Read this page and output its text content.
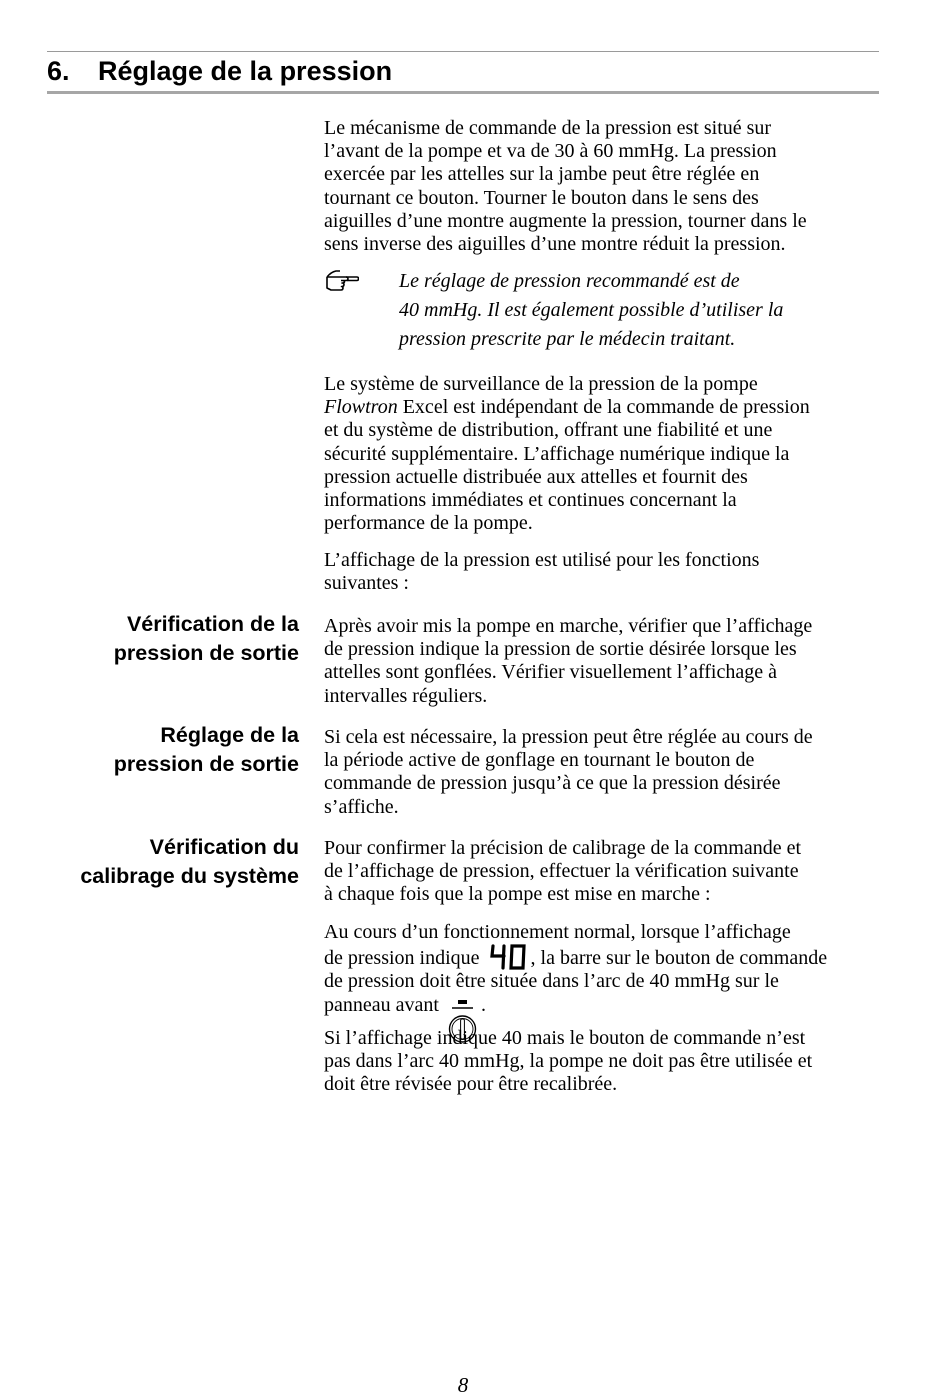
6. Réglage de la pression
Le mécanisme de commande de la pression est situé sur
l’avant de la pompe et va de 30 à 60 mmHg. La pression
exercée par les attelles sur la jambe peut être réglée en
tournant ce bouton. Tourner le bouton dans le sens des
aiguilles d’une montre augmente la pression, tourner dans le
sens inverse des aiguilles d’une montre réduit la pression.
Le réglage de pression recommandé est de
40 mmHg. Il est également possible d’utiliser la
pression prescrite par le médecin traitant.
Le système de surveillance de la pression de la pompe
Flowtron Excel est indépendant de la commande de pression
et du système de distribution, offrant une fiabilité et une
sécurité supplémentaire. L’affichage numérique indique la
pression actuelle distribuée aux attelles et fournit des
informations immédiates et continues concernant la
performance de la pompe.
L’affichage de la pression est utilisé pour les fonctions
suivantes :
Vérification de la
pression de sortie
Réglage de la
pression de sortie
Vérification du
calibrage du système
Après avoir mis la pompe en marche, vérifier que l’affichage
de pression indique la pression de sortie désirée lorsque les
attelles sont gonflées. Vérifier visuellement l’affichage à
intervalles réguliers.
Si cela est nécessaire, la pression peut être réglée au cours de
la période active de gonflage en tournant le bouton de
commande de pression jusqu’à ce que la pression désirée
s’affiche.
Pour confirmer la précision de calibrage de la commande et
de l’affichage de pression, effectuer la vérification suivante
à chaque fois que la pompe est mise en marche :
Au cours d’un fonctionnement normal, lorsque l’affichage
de pression indique , la barre sur le bouton de commande
de pression doit être située dans l’arc de 40 mmHg sur le
panneau avant .
Si l’affichage indique 40 mais le bouton de commande n’est
pas dans l’arc 40 mmHg, la pompe ne doit pas être utilisée et
doit être révisée pour être recalibrée.
8
